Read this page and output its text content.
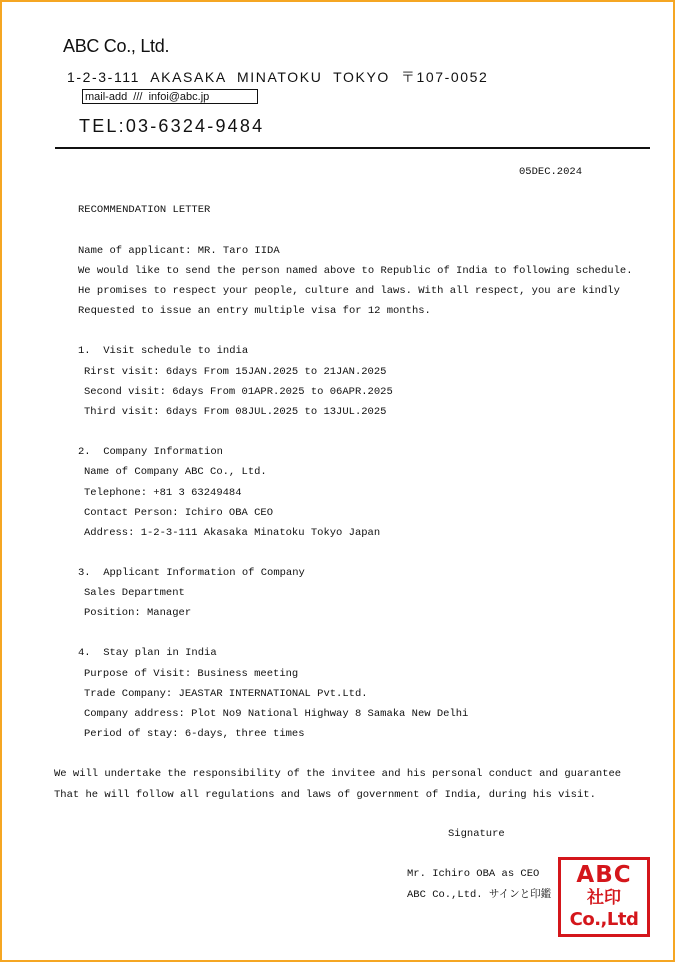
ABC Co., Ltd.
1-2-3-111  AKASAKA  MINATOKU  TOKYO  〒107-0052
mail-add  ///  infoi@abc.jp
TEL:03-6324-9484
05DEC.2024
RECOMMENDATION LETTER
Name of applicant: MR. Taro IIDA
We would like to send the person named above to Republic of India to following schedule.
He promises to respect your people, culture and laws. With all respect, you are kindly
Requested to issue an entry multiple visa for 12 months.
1.  Visit schedule to india
Rirst visit: 6days From 15JAN.2025 to 21JAN.2025
Second visit: 6days From 01APR.2025 to 06APR.2025
Third visit: 6days From 08JUL.2025 to 13JUL.2025
2.  Company Information
Name of Company ABC Co., Ltd.
Telephone: +81 3 63249484
Contact Person: Ichiro OBA CEO
Address: 1-2-3-111 Akasaka Minatoku Tokyo Japan
3.  Applicant Information of Company
Sales Department
Position: Manager
4.  Stay plan in India
Purpose of Visit: Business meeting
Trade Company: JEASTAR INTERNATIONAL Pvt.Ltd.
Company address: Plot No9 National Highway 8 Samaka New Delhi
Period of stay: 6-days, three times
We will undertake the responsibility of the invitee and his personal conduct and guarantee
That he will follow all regulations and laws of government of India, during his visit.
Signature
Mr. Ichiro OBA as CEO
ABC Co.,Ltd. サインと印鑑
ABC
社印
Co.,Ltd
